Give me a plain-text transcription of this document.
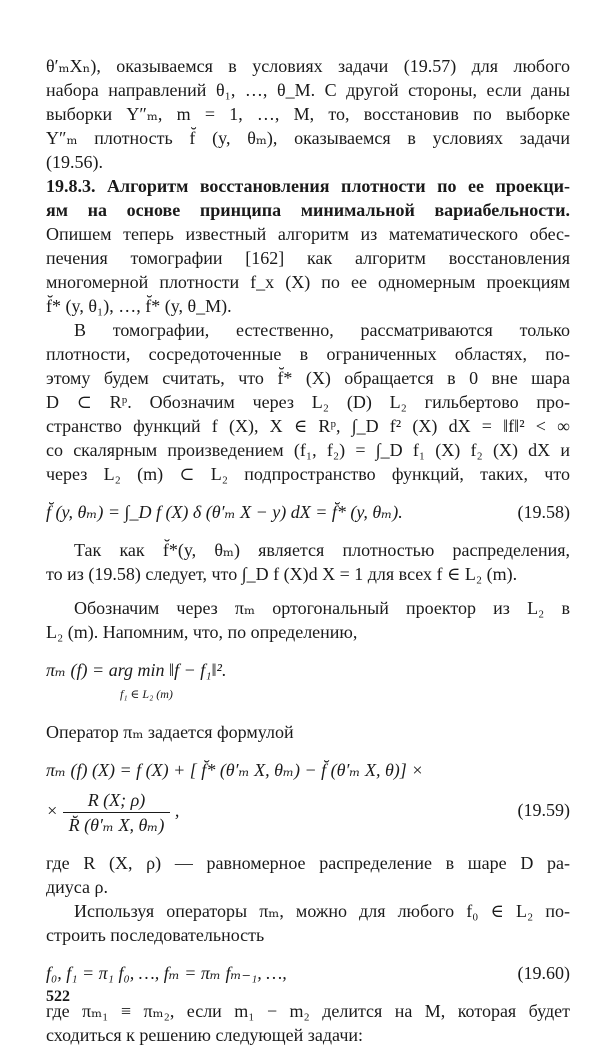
θ′ₘXₙ), оказываемся в условиях задачи (19.57) для любого
набора направлений θ₁, …, θ_M. С другой стороны, если даны
выборки Y″ₘ, m = 1, …, M, то, восстановив по выборке
Y″ₘ плотность f̆ (y, θₘ), оказываемся в условиях задачи
(19.56).
19.8.3. Алгоритм восстановления плотности по ее проекци-
ям на основе принципа минимальной вариабельности.
Опишем теперь известный алгоритм из математического обес-
печения томографии [162] как алгоритм восстановления
многомерной плотности f_x (X) по ее одномерным проекциям
f̆* (y, θ₁), …, f̆* (y, θ_M).
В томографии, естественно, рассматриваются только
плотности, сосредоточенные в ограниченных областях, по-
этому будем считать, что f̆* (X) обращается в 0 вне шара
D ⊂ Rᵖ. Обозначим через L₂ (D) L₂ гильбертово про-
странство функций f (X), X ∈ Rᵖ, ∫_D f² (X) dX = ‖f‖² < ∞
со скалярным произведением (f₁, f₂) = ∫_D f₁ (X) f₂ (X) dX и
через L₂ (m) ⊂ L₂ подпространство функций, таких, что
f̆ (y, θₘ) = ∫_D f (X) δ (θ′ₘ X − y) dX = f̆* (y, θₘ).	(19.58)
Так как f̆*(y, θₘ) является плотностью распределения,
то из (19.58) следует, что ∫_D f (X)d X = 1 для всех f ∈ L₂ (m).
Обозначим через πₘ ортогональный проектор из L₂ в
L₂ (m). Напомним, что, по определению,
πₘ (f) = arg min ‖f − f₁‖².
f₁ ∈ L₂ (m)
Оператор πₘ задается формулой
πₘ (f) (X) = f (X) + [ f̆* (θ′ₘ X, θₘ) − f̆ (θ′ₘ X, θ)] ×
× $\frac{R (X; \rho)}{\text{R̆ (θ′ₘ X, θₘ)}}$ ,	(19.59)
где R (X, ρ) — равномерное распределение в шаре D ра-
диуса ρ.
Используя операторы πₘ, можно для любого f₀ ∈ L₂ по-
строить последовательность
f₀, f₁ = π₁ f₀, …, fₘ = πₘ fₘ₋₁, …,	(19.60)
где πₘ₁ ≡ πₘ₂, если m₁ − m₂ делится на M, которая будет
сходиться к решению следующей задачи:
522
